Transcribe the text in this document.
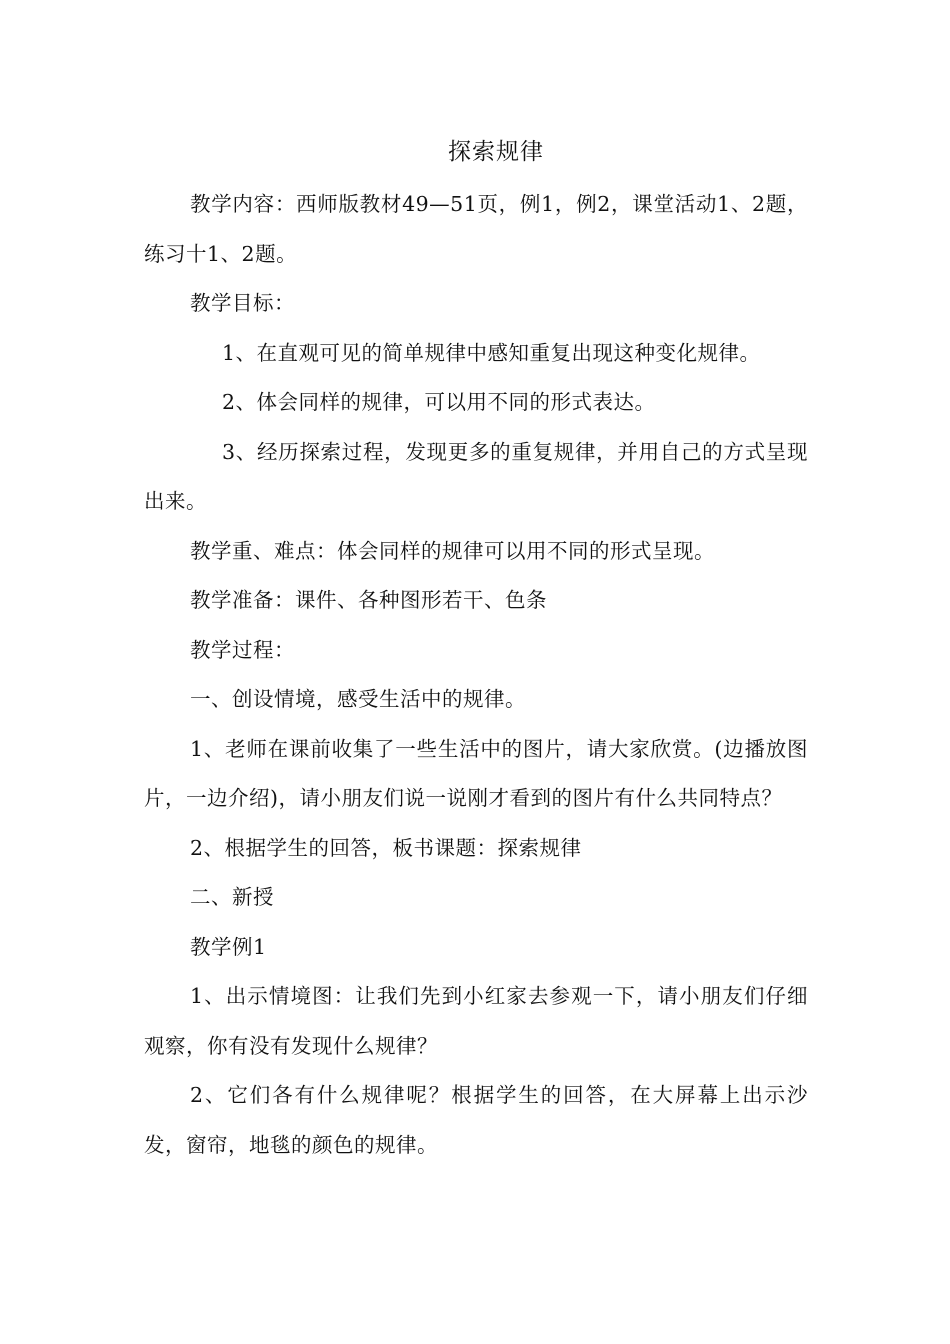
探索规律

教学内容：西师版教材49—51页，例1，例2，课堂活动1、2题，练习十1、2题。

教学目标：

1、在直观可见的简单规律中感知重复出现这种变化规律。

2、体会同样的规律，可以用不同的形式表达。

3、经历探索过程，发现更多的重复规律，并用自己的方式呈现出来。

教学重、难点：体会同样的规律可以用不同的形式呈现。

教学准备：课件、各种图形若干、色条

教学过程：

一、创设情境，感受生活中的规律。

1、老师在课前收集了一些生活中的图片，请大家欣赏。(边播放图片，一边介绍)，请小朋友们说一说刚才看到的图片有什么共同特点？

2、根据学生的回答，板书课题：探索规律

二、新授

教学例1

1、出示情境图：让我们先到小红家去参观一下，请小朋友们仔细观察，你有没有发现什么规律？

2、它们各有什么规律呢？根据学生的回答，在大屏幕上出示沙发，窗帘，地毯的颜色的规律。
